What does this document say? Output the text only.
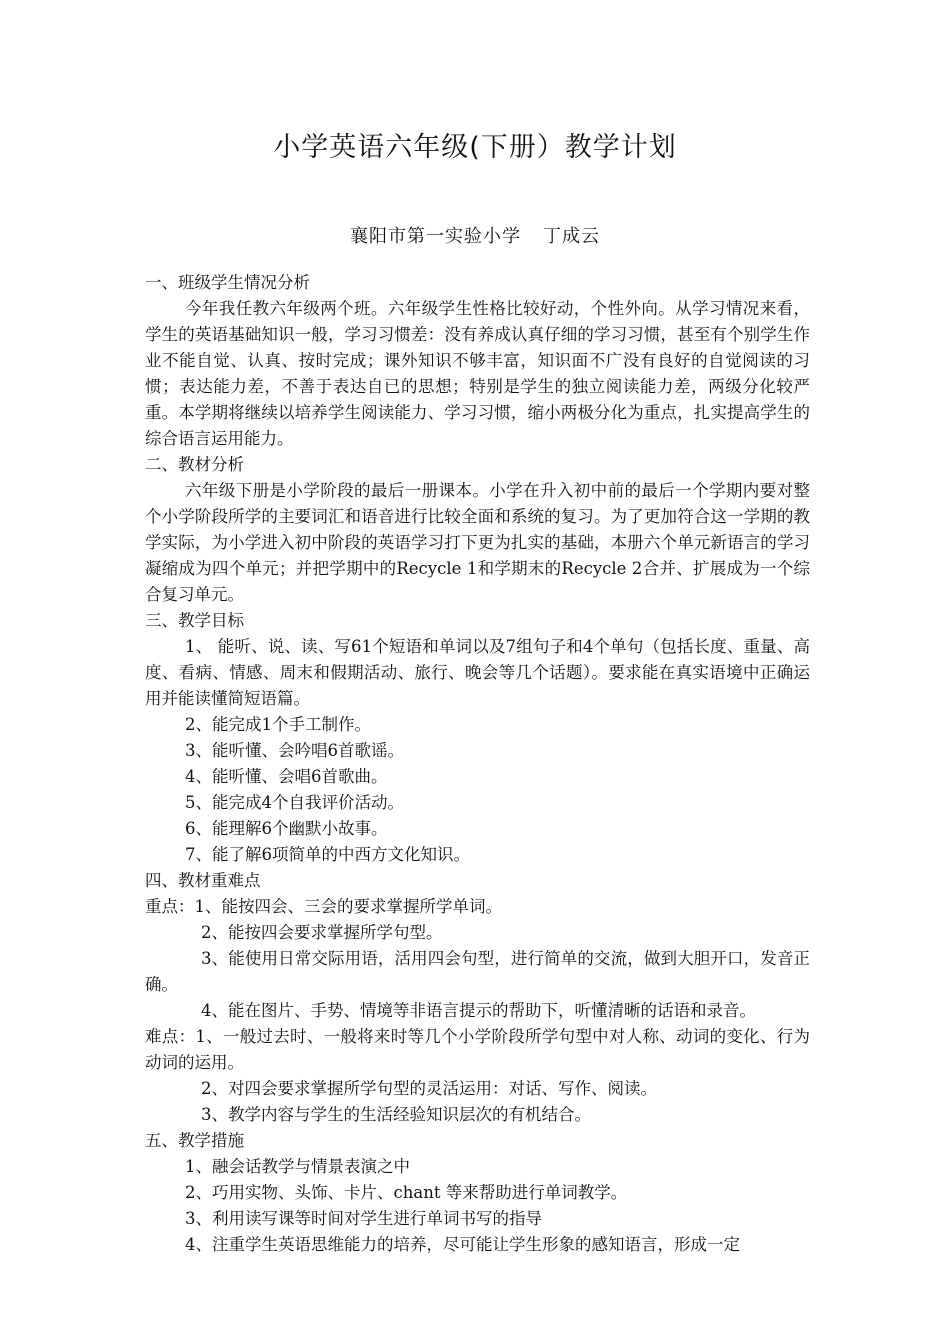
小学英语六年级(下册）教学计划
襄阳市第一实验小学 丁成云

一、班级学生情况分析

今年我任教六年级两个班。六年级学生性格比较好动，个性外向。从学习情况来看，学生的英语基础知识一般，学习习惯差：没有养成认真仔细的学习习惯，甚至有个别学生作业不能自觉、认真、按时完成；课外知识不够丰富，知识面不广没有良好的自觉阅读的习惯；表达能力差，不善于表达自已的思想；特别是学生的独立阅读能力差，两级分化较严重。本学期将继续以培养学生阅读能力、学习习惯，缩小两极分化为重点，扎实提高学生的综合语言运用能力。

二、教材分析

六年级下册是小学阶段的最后一册课本。小学在升入初中前的最后一个学期内要对整个小学阶段所学的主要词汇和语音进行比较全面和系统的复习。为了更加符合这一学期的教学实际，为小学进入初中阶段的英语学习打下更为扎实的基础，本册六个单元新语言的学习凝缩成为四个单元；并把学期中的Recycle 1和学期末的Recycle 2合并、扩展成为一个综合复习单元。

三、教学目标

1、 能听、说、读、写61个短语和单词以及7组句子和4个单句（包括长度、重量、高度、看病、情感、周末和假期活动、旅行、晚会等几个话题）。要求能在真实语境中正确运用并能读懂简短语篇。

2、能完成1个手工制作。

3、能听懂、会吟唱6首歌谣。

4、能听懂、会唱6首歌曲。

5、能完成4个自我评价活动。

6、能理解6个幽默小故事。

7、能了解6项简单的中西方文化知识。

四、教材重难点

重点：1、能按四会、三会的要求掌握所学单词。

2、能按四会要求掌握所学句型。

3、能使用日常交际用语，活用四会句型，进行简单的交流，做到大胆开口，发音正确。

4、能在图片、手势、情境等非语言提示的帮助下，听懂清晰的话语和录音。

难点：1、一般过去时、一般将来时等几个小学阶段所学句型中对人称、动词的变化、行为动词的运用。

2、对四会要求掌握所学句型的灵活运用：对话、写作、阅读。

3、教学内容与学生的生活经验知识层次的有机结合。

五、教学措施

1、融会话教学与情景表演之中

2、巧用实物、头饰、卡片、chant 等来帮助进行单词教学。

3、利用读写课等时间对学生进行单词书写的指导

4、注重学生英语思维能力的培养，尽可能让学生形象的感知语言，形成一定
